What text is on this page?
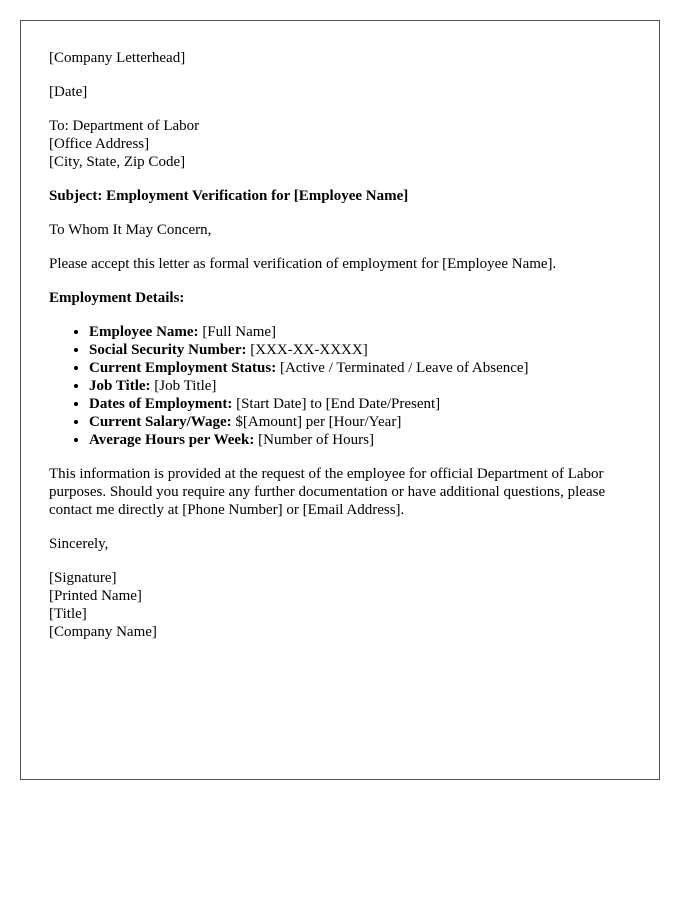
[Company Letterhead]

[Date]

To: Department of Labor
[Office Address]
[City, State, Zip Code]

Subject: Employment Verification for [Employee Name]

To Whom It May Concern,

Please accept this letter as formal verification of employment for [Employee Name].

Employment Details:

• Employee Name: [Full Name]
• Social Security Number: [XXX-XX-XXXX]
• Current Employment Status: [Active / Terminated / Leave of Absence]
• Job Title: [Job Title]
• Dates of Employment: [Start Date] to [End Date/Present]
• Current Salary/Wage: $[Amount] per [Hour/Year]
• Average Hours per Week: [Number of Hours]

This information is provided at the request of the employee for official Department of Labor purposes. Should you require any further documentation or have additional questions, please contact me directly at [Phone Number] or [Email Address].

Sincerely,

[Signature]
[Printed Name]
[Title]
[Company Name]
